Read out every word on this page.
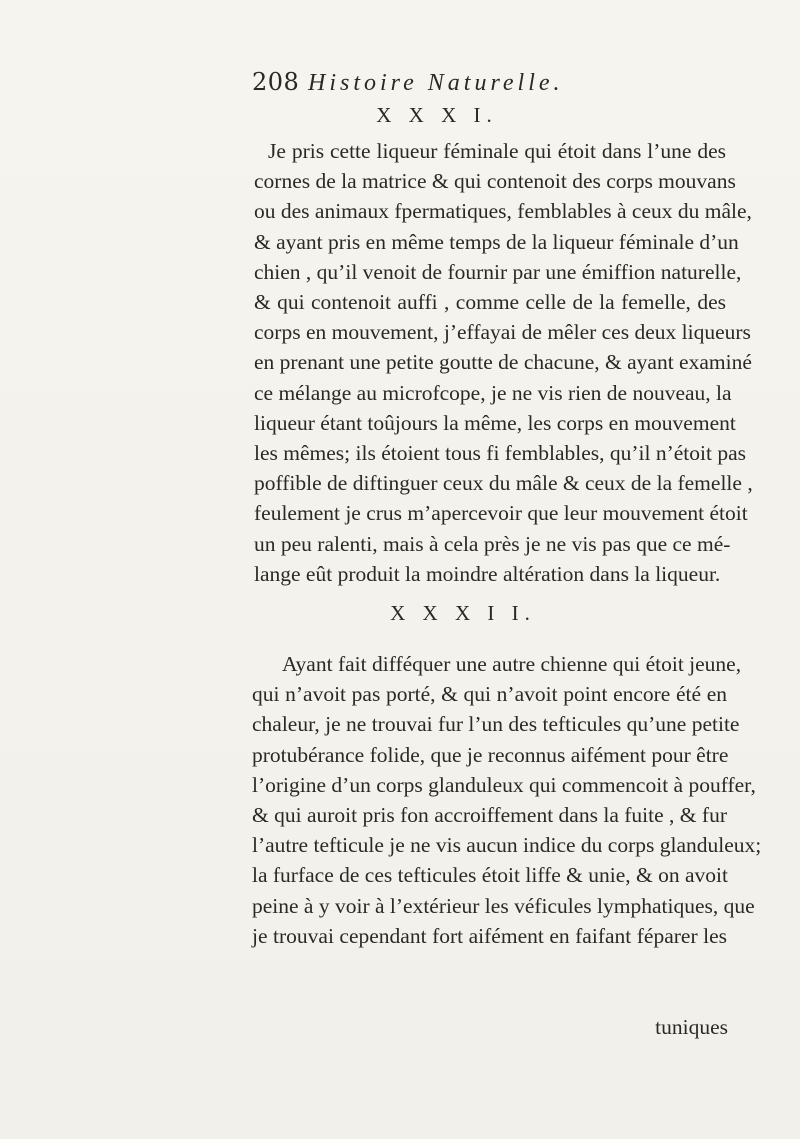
208 Histoire Naturelle.
X X X I.

Je pris cette liqueur féminale qui étoit dans l’une des
cornes de la matrice & qui contenoit des corps mouvans
ou des animaux fpermatiques, femblables à ceux du mâle,
& ayant pris en même temps de la liqueur féminale d’un
chien , qu’il venoit de fournir par une émiffion naturelle,
& qui contenoit auffi , comme celle de la femelle, des
corps en mouvement, j’effayai de mêler ces deux liqueurs
en prenant une petite goutte de chacune, & ayant examiné
ce mélange au microfcope, je ne vis rien de nouveau, la
liqueur étant toûjours la même, les corps en mouvement
les mêmes; ils étoient tous fi femblables, qu’il n’étoit pas
poffible de diftinguer ceux du mâle & ceux de la femelle ,
feulement je crus m’apercevoir que leur mouvement étoit
un peu ralenti, mais à cela près je ne vis pas que ce mé-
lange eût produit la moindre altération dans la liqueur.

X X X I I.

Ayant fait difféquer une autre chienne qui étoit jeune,
qui n’avoit pas porté, & qui n’avoit point encore été en
chaleur, je ne trouvai fur l’un des tefticules qu’une petite
protubérance folide, que je reconnus aifément pour être
l’origine d’un corps glanduleux qui commencoit à pouffer,
& qui auroit pris fon accroiffement dans la fuite , & fur
l’autre tefticule je ne vis aucun indice du corps glanduleux;
la furface de ces tefticules étoit liffe & unie, & on avoit
peine à y voir à l’extérieur les véficules lymphatiques, que
je trouvai cependant fort aifément en faifant féparer les

tuniques
